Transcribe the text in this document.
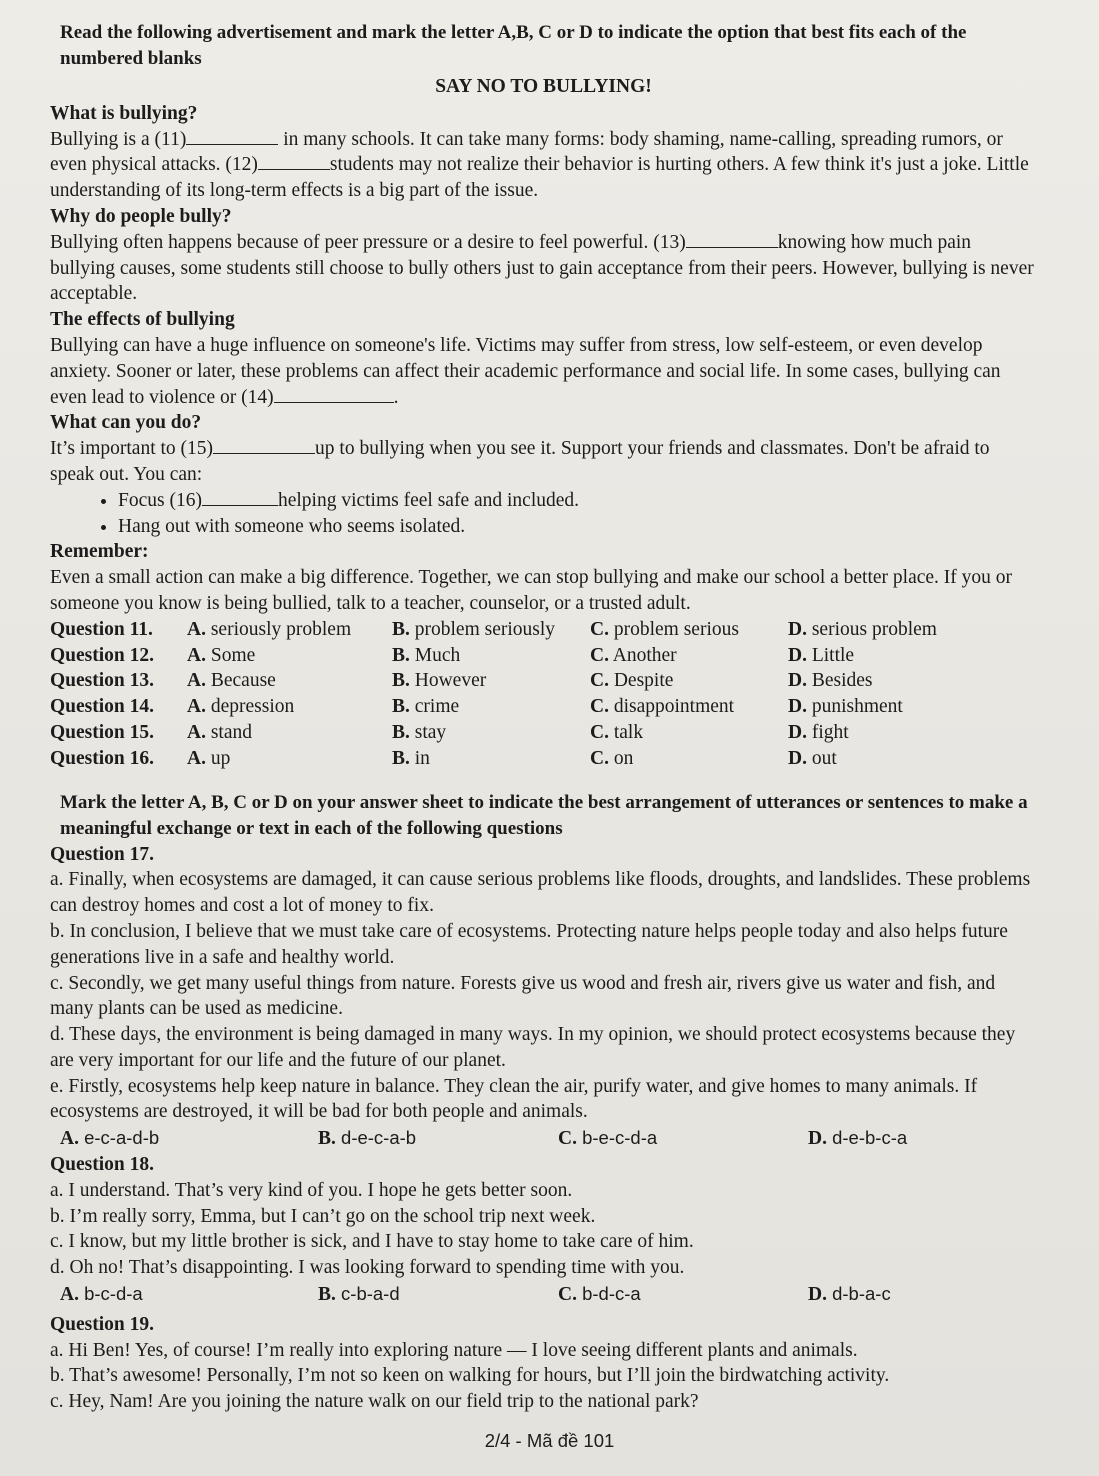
Read the following advertisement and mark the letter A,B, C or D to indicate the option that best fits each of the numbered blanks

SAY NO TO BULLYING!

What is bullying?

Bullying is a (11)	in many schools. It can take many forms: body shaming, name-calling, spreading rumors, or even physical attacks. (12)	students may not realize their behavior is hurting others. A few think it's just a joke. Little understanding of its long-term effects is a big part of the issue.

Why do people bully?

Bullying often happens because of peer pressure or a desire to feel powerful. (13)	knowing how much pain bullying causes, some students still choose to bully others just to gain acceptance from their peers. However, bullying is never acceptable.

The effects of bullying

Bullying can have a huge influence on someone's life. Victims may suffer from stress, low self-esteem, or even develop anxiety. Sooner or later, these problems can affect their academic performance and social life. In some cases, bullying can even lead to violence or (14)	.

What can you do?

It’s important to (15)	up to bullying when you see it. Support your friends and classmates. Don't be afraid to speak out. You can:

• Focus (16)	helping victims feel safe and included.
• Hang out with someone who seems isolated.

Remember:

Even a small action can make a big difference. Together, we can stop bullying and make our school a better place. If you or someone you know is being bullied, talk to a teacher, counselor, or a trusted adult.

Question 11.	A. seriously problem	B. problem seriously	C. problem serious	D. serious problem
Question 12.	A. Some	B. Much	C. Another	D. Little
Question 13.	A. Because	B. However	C. Despite	D. Besides
Question 14.	A. depression	B. crime	C. disappointment	D. punishment
Question 15.	A. stand	B. stay	C. talk	D. fight
Question 16.	A. up	B. in	C. on	D. out

Mark the letter A, B, C or D on your answer sheet to indicate the best arrangement of utterances or sentences to make a meaningful exchange or text in each of the following questions

Question 17.

a. Finally, when ecosystems are damaged, it can cause serious problems like floods, droughts, and landslides. These problems can destroy homes and cost a lot of money to fix.

b. In conclusion, I believe that we must take care of ecosystems. Protecting nature helps people today and also helps future generations live in a safe and healthy world.

c. Secondly, we get many useful things from nature. Forests give us wood and fresh air, rivers give us water and fish, and many plants can be used as medicine.

d. These days, the environment is being damaged in many ways. In my opinion, we should protect ecosystems because they are very important for our life and the future of our planet.

e. Firstly, ecosystems help keep nature in balance. They clean the air, purify water, and give homes to many animals. If ecosystems are destroyed, it will be bad for both people and animals.

A. e-c-a-d-b	B. d-e-c-a-b	C. b-e-c-d-a	D. d-e-b-c-a

Question 18.

a. I understand. That’s very kind of you. I hope he gets better soon.

b. I’m really sorry, Emma, but I can’t go on the school trip next week.

c. I know, but my little brother is sick, and I have to stay home to take care of him.

d. Oh no! That’s disappointing. I was looking forward to spending time with you.

A. b-c-d-a	B. c-b-a-d	C. b-d-c-a	D. d-b-a-c

Question 19.

a. Hi Ben! Yes, of course! I’m really into exploring nature — I love seeing different plants and animals.

b. That’s awesome! Personally, I’m not so keen on walking for hours, but I’ll join the birdwatching activity.

c. Hey, Nam! Are you joining the nature walk on our field trip to the national park?

2/4 - Mã đề 101
